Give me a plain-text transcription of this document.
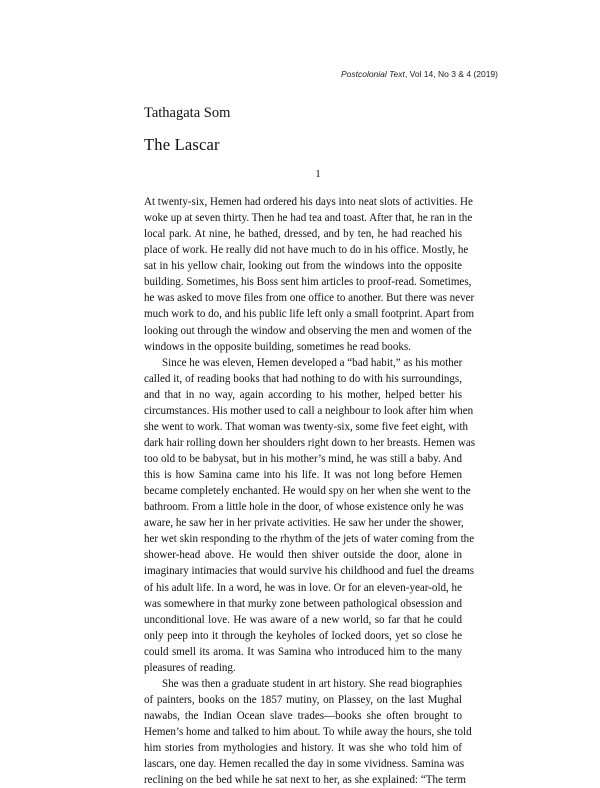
Postcolonial Text, Vol 14, No 3 & 4 (2019)
Tathagata Som
The Lascar
1
At twenty-six, Hemen had ordered his days into neat slots of activities. He
woke up at seven thirty. Then he had tea and toast. After that, he ran in the
local park. At nine, he bathed, dressed, and by ten, he had reached his
place of work. He really did not have much to do in his office. Mostly, he
sat in his yellow chair, looking out from the windows into the opposite
building. Sometimes, his Boss sent him articles to proof-read. Sometimes,
he was asked to move files from one office to another. But there was never
much work to do, and his public life left only a small footprint. Apart from
looking out through the window and observing the men and women of the
windows in the opposite building, sometimes he read books.
Since he was eleven, Hemen developed a “bad habit,” as his mother
called it, of reading books that had nothing to do with his surroundings,
and that in no way, again according to his mother, helped better his
circumstances. His mother used to call a neighbour to look after him when
she went to work. That woman was twenty-six, some five feet eight, with
dark hair rolling down her shoulders right down to her breasts. Hemen was
too old to be babysat, but in his mother’s mind, he was still a baby. And
this is how Samina came into his life. It was not long before Hemen
became completely enchanted. He would spy on her when she went to the
bathroom. From a little hole in the door, of whose existence only he was
aware, he saw her in her private activities. He saw her under the shower,
her wet skin responding to the rhythm of the jets of water coming from the
shower-head above. He would then shiver outside the door, alone in
imaginary intimacies that would survive his childhood and fuel the dreams
of his adult life. In a word, he was in love. Or for an eleven-year-old, he
was somewhere in that murky zone between pathological obsession and
unconditional love. He was aware of a new world, so far that he could
only peep into it through the keyholes of locked doors, yet so close he
could smell its aroma. It was Samina who introduced him to the many
pleasures of reading.
She was then a graduate student in art history. She read biographies
of painters, books on the 1857 mutiny, on Plassey, on the last Mughal
nawabs, the Indian Ocean slave trades—books she often brought to
Hemen’s home and talked to him about. To while away the hours, she told
him stories from mythologies and history. It was she who told him of
lascars, one day. Hemen recalled the day in some vividness. Samina was
reclining on the bed while he sat next to her, as she explained: “The term
